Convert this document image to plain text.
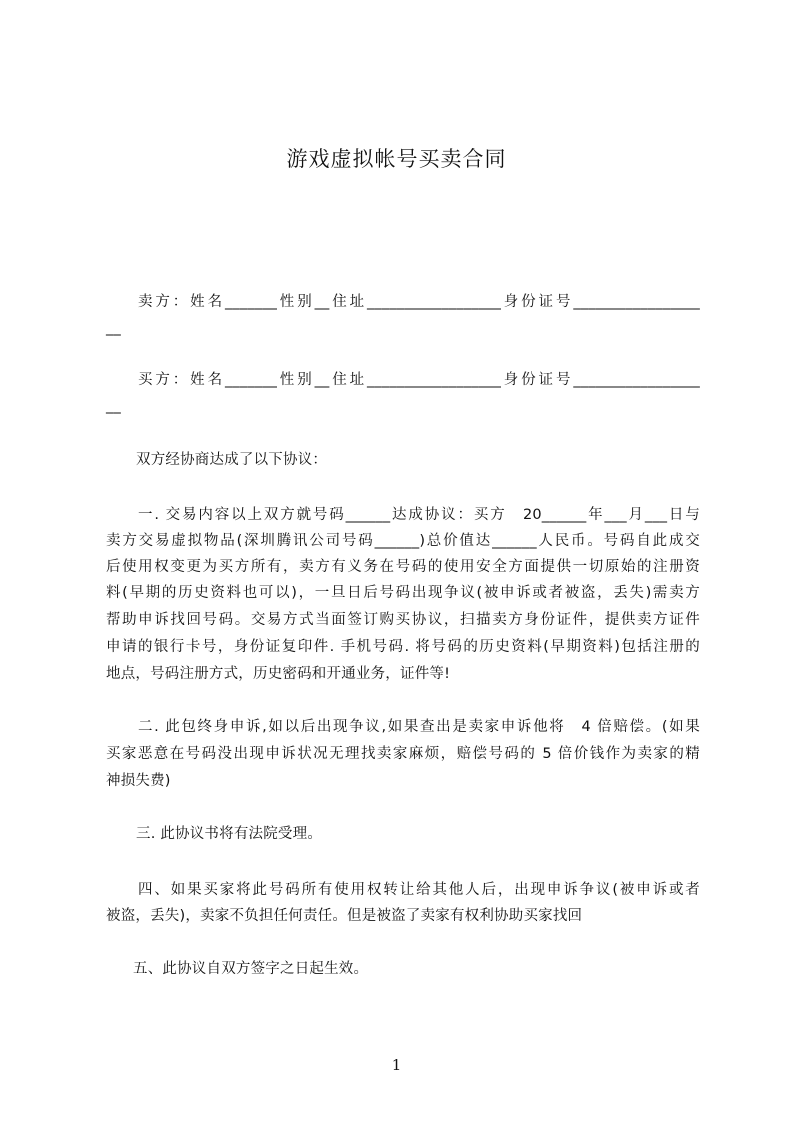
游戏虚拟帐号买卖合同
卖方：姓名_______性别__住址__________________身份证号_________________
__
买方：姓名_______性别__住址__________________身份证号_________________
__
双方经协商达成了以下协议：
一. 交易内容以上双方就号码______达成协议：买方　20______年___月___日与
卖方交易虚拟物品(深圳腾讯公司号码______)总价值达______人民币。号码自此成交
后使用权变更为买方所有，卖方有义务在号码的使用安全方面提供一切原始的注册资
料(早期的历史资料也可以)，一旦日后号码出现争议(被申诉或者被盗，丢失)需卖方
帮助申诉找回号码。交易方式当面签订购买协议，扫描卖方身份证件，提供卖方证件
申请的银行卡号，身份证复印件. 手机号码. 将号码的历史资料(早期资料)包括注册的
地点，号码注册方式，历史密码和开通业务，证件等!
二. 此包终身申诉,如以后出现争议,如果查出是卖家申诉他将　4 倍赔偿。(如果
买家恶意在号码没出现申诉状况无理找卖家麻烦，赔偿号码的 5 倍价钱作为卖家的精
神损失费)
三. 此协议书将有法院受理。
四、如果买家将此号码所有使用权转让给其他人后，出现申诉争议(被申诉或者
被盗，丢失)，卖家不负担任何责任。但是被盗了卖家有权利协助买家找回
五、此协议自双方签字之日起生效。
1
